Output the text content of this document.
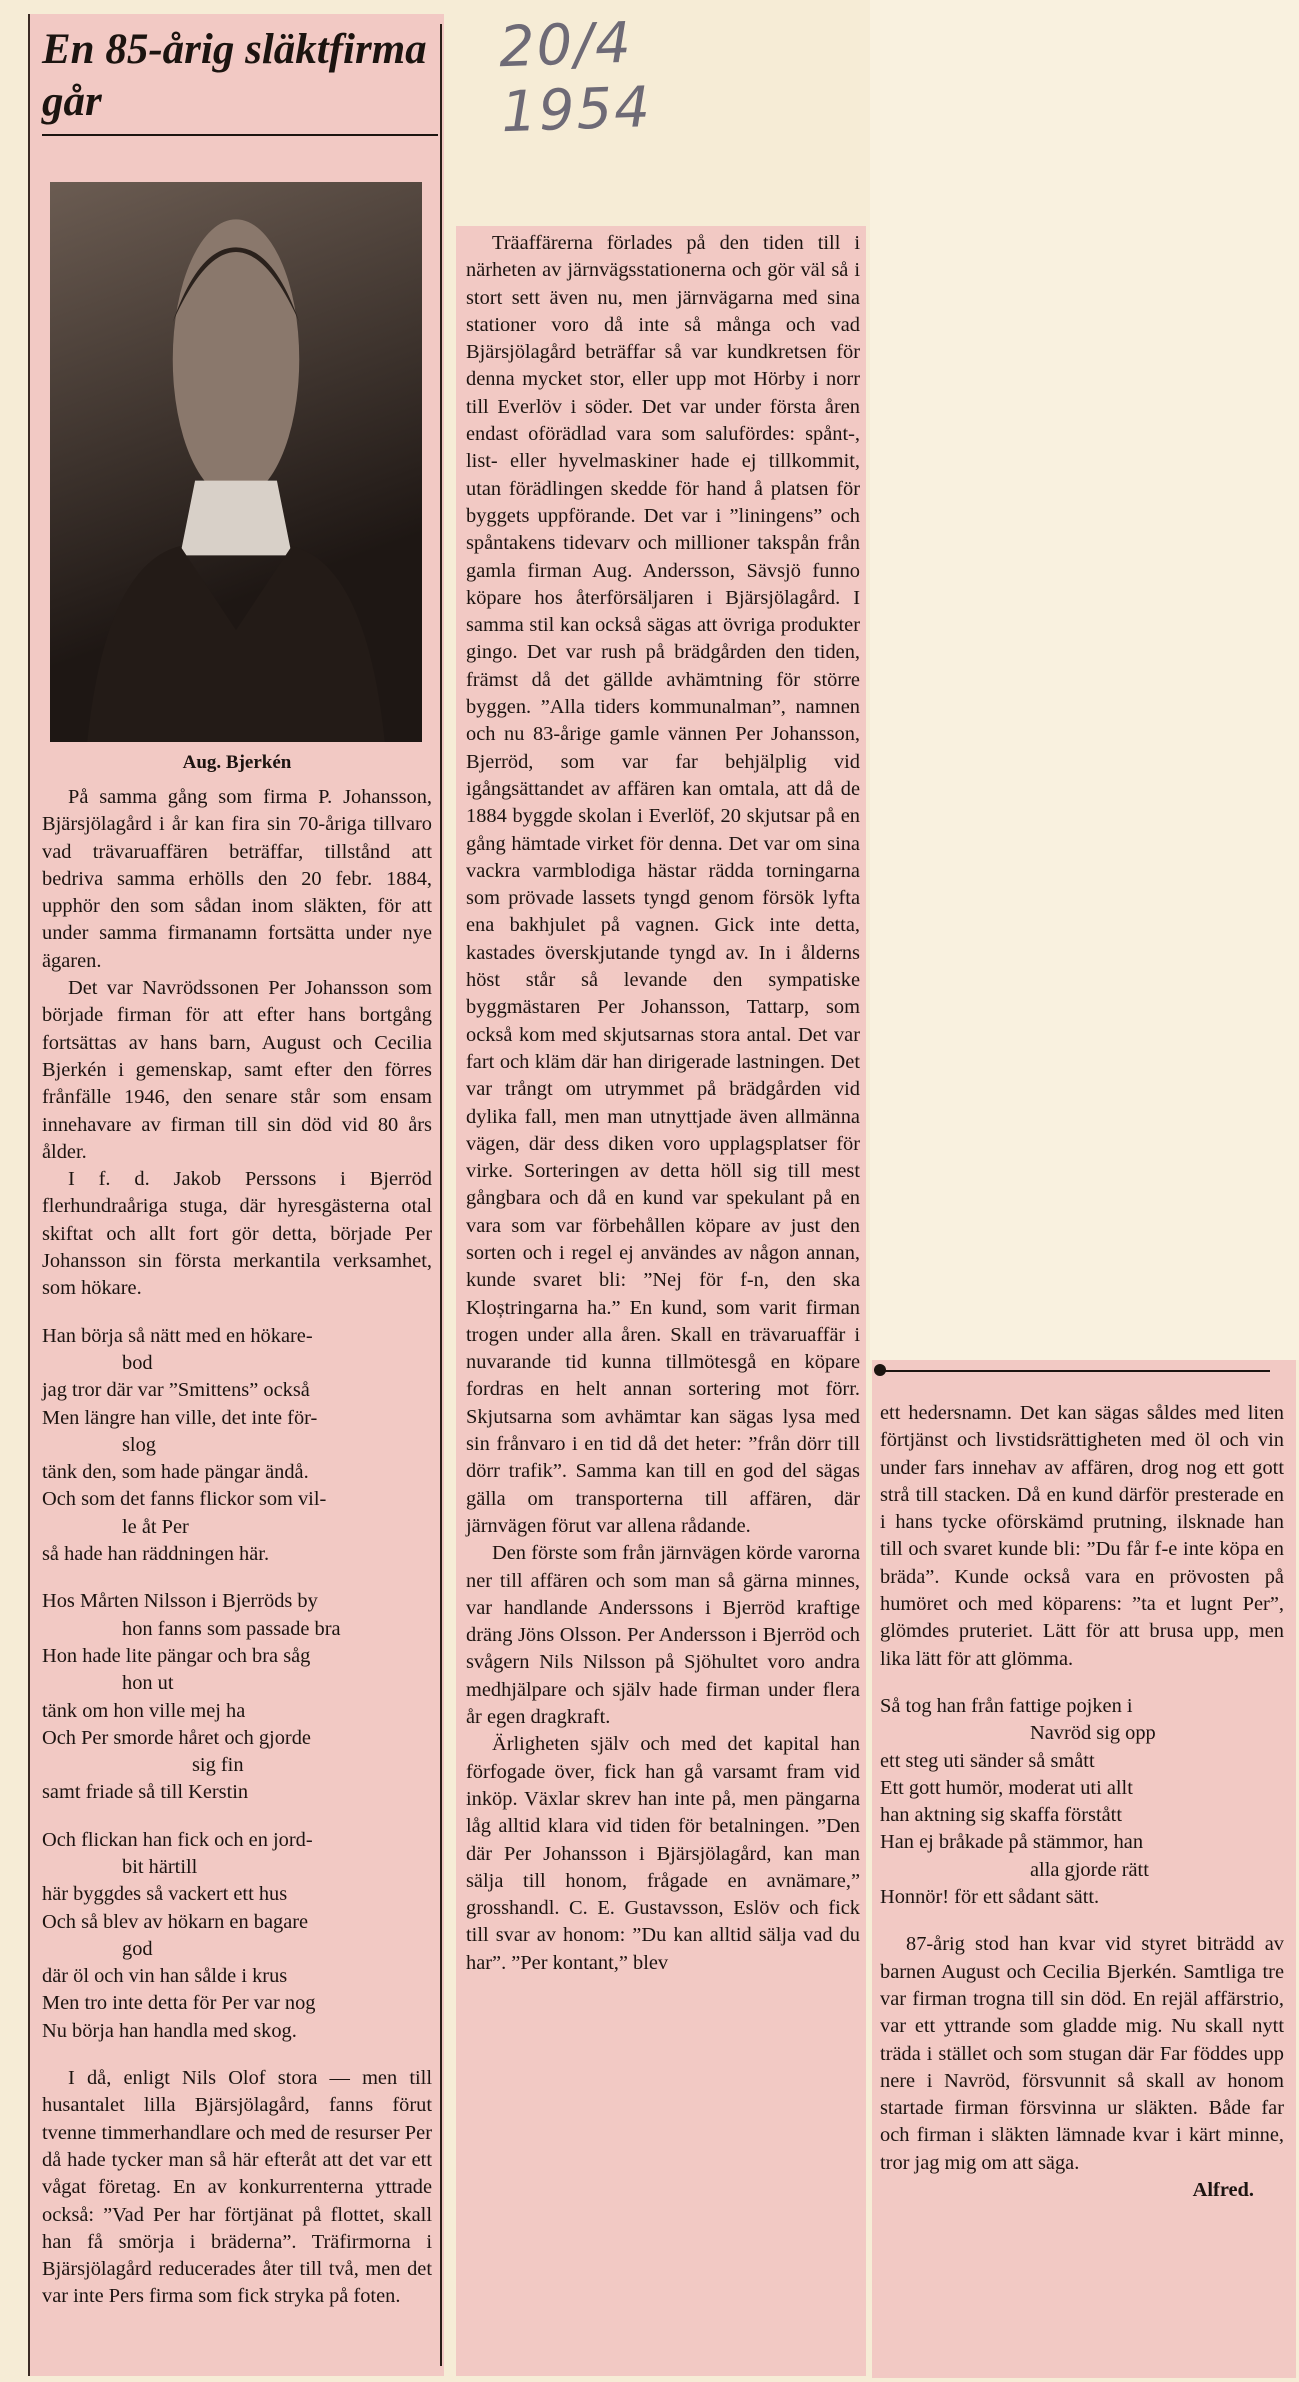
20/4 1954
En 85-årig släktfirma går
Aug. Bjerkén

På samma gång som firma P. Johansson, Bjärsjölagård i år kan fira sin 70-åriga tillvaro vad trävaruaffären beträffar, tillstånd att bedriva samma erhölls den 20 febr. 1884, upphör den som sådan inom släkten, för att under samma firmanamn fortsätta under nye ägaren.

Det var Navrödssonen Per Johansson som började firman för att efter hans bortgång fortsättas av hans barn, August och Cecilia Bjerkén i gemenskap, samt efter den förres frånfälle 1946, den senare står som ensam innehavare av firman till sin död vid 80 års ålder.

I f. d. Jakob Perssons i Bjerröd flerhundraåriga stuga, där hyresgästerna otal skiftat och allt fort gör detta, började Per Johansson sin första merkantila verksamhet, som hökare.

Han börja så nätt med en hökare-

bod

jag tror där var ”Smittens” också

Men längre han ville, det inte för-

slog

tänk den, som hade pängar ändå.

Och som det fanns flickor som vil-

le åt Per

så hade han räddningen här.

Hos Mårten Nilsson i Bjerröds by

hon fanns som passade bra

Hon hade lite pängar och bra såg

hon ut

tänk om hon ville mej ha

Och Per smorde håret och gjorde

sig fin

samt friade så till Kerstin

Och flickan han fick och en jord-

bit härtill

här byggdes så vackert ett hus

Och så blev av hökarn en bagare

god

där öl och vin han sålde i krus

Men tro inte detta för Per var nog

Nu börja han handla med skog.

I då, enligt Nils Olof stora — men till husantalet lilla Bjärsjölagård, fanns förut tvenne timmerhandlare och med de resurser Per då hade tycker man så här efteråt att det var ett vågat företag. En av konkurrenterna yttrade också: ”Vad Per har förtjänat på flottet, skall han få smörja i bräderna”. Träfirmorna i Bjärsjölagård reducerades åter till två, men det var inte Pers firma som fick stryka på foten.

Träaffärerna förlades på den tiden till i närheten av järnvägsstationerna och gör väl så i stort sett även nu, men järnvägarna med sina stationer voro då inte så många och vad Bjärsjölagård beträffar så var kundkretsen för denna mycket stor, eller upp mot Hörby i norr till Everlöv i söder. Det var under första åren endast oförädlad vara som salufördes: spånt-, list- eller hyvelmaskiner hade ej tillkommit, utan förädlingen skedde för hand å platsen för byggets uppförande. Det var i ”liningens” och spåntakens tidevarv och millioner takspån från gamla firman Aug. Andersson, Sävsjö funno köpare hos återförsäljaren i Bjärsjölagård. I samma stil kan också sägas att övriga produkter gingo. Det var rush på brädgården den tiden, främst då det gällde avhämtning för större byggen. ”Alla tiders kommunalman”, namnen och nu 83-årige gamle vännen Per Johansson, Bjerröd, som var far behjälplig vid igångsättandet av affären kan omtala, att då de 1884 byggde skolan i Everlöf, 20 skjutsar på en gång hämtade virket för denna. Det var om sina vackra varmblodiga hästar rädda torningarna som prövade lassets tyngd genom försök lyfta ena bakhjulet på vagnen. Gick inte detta, kastades överskjutande tyngd av. In i ålderns höst står så levande den sympatiske byggmästaren Per Johansson, Tattarp, som också kom med skjutsarnas stora antal. Det var fart och kläm där han dirigerade lastningen. Det var trångt om utrymmet på brädgården vid dylika fall, men man utnyttjade även allmänna vägen, där dess diken voro upplagsplatser för virke. Sorteringen av detta höll sig till mest gångbara och då en kund var spekulant på en vara som var förbehållen köpare av just den sorten och i regel ej användes av någon annan, kunde svaret bli: ”Nej för f-n, den ska Kloștringarna ha.” En kund, som varit firman trogen under alla åren. Skall en trävaruaffär i nuvarande tid kunna tillmötesgå en köpare fordras en helt annan sortering mot förr. Skjutsarna som avhämtar kan sägas lysa med sin frånvaro i en tid då det heter: ”från dörr till dörr trafik”. Samma kan till en god del sägas gälla om transporterna till affären, där järnvägen förut var allena rådande.

Den förste som från järnvägen körde varorna ner till affären och som man så gärna minnes, var handlande Anderssons i Bjerröd kraftige dräng Jöns Olsson. Per Andersson i Bjerröd och svågern Nils Nilsson på Sjöhultet voro andra medhjälpare och själv hade firman under flera år egen dragkraft.

Ärligheten själv och med det kapital han förfogade över, fick han gå varsamt fram vid inköp. Växlar skrev han inte på, men pängarna låg alltid klara vid tiden för betalningen. ”Den där Per Johansson i Bjärsjölagård, kan man sälja till honom, frågade en avnämare,” grosshandl. C. E. Gustavsson, Eslöv och fick till svar av honom: ”Du kan alltid sälja vad du har”. ”Per kontant,” blev

ett hedersnamn. Det kan sägas såldes med liten förtjänst och livstidsrättigheten med öl och vin under fars innehav av affären, drog nog ett gott strå till stacken. Då en kund därför presterade en i hans tycke oförskämd prutning, ilsknade han till och svaret kunde bli: ”Du får f-e inte köpa en bräda”. Kunde också vara en prövosten på humöret och med köparens: ”ta et lugnt Per”, glömdes pruteriet. Lätt för att brusa upp, men lika lätt för att glömma.

Så tog han från fattige pojken i

Navröd sig opp

ett steg uti sänder så smått

Ett gott humör, moderat uti allt

han aktning sig skaffa förstått

Han ej bråkade på stämmor, han

alla gjorde rätt

Honnör! för ett sådant sätt.

87-årig stod han kvar vid styret biträdd av barnen August och Cecilia Bjerkén. Samtliga tre var firman trogna till sin död. En rejäl affärstrio, var ett yttrande som gladde mig. Nu skall nytt träda i stället och som stugan där Far föddes upp nere i Navröd, försvunnit så skall av honom startade firman försvinna ur släkten. Både far och firman i släkten lämnade kvar i kärt minne, tror jag mig om att säga.

Alfred.
